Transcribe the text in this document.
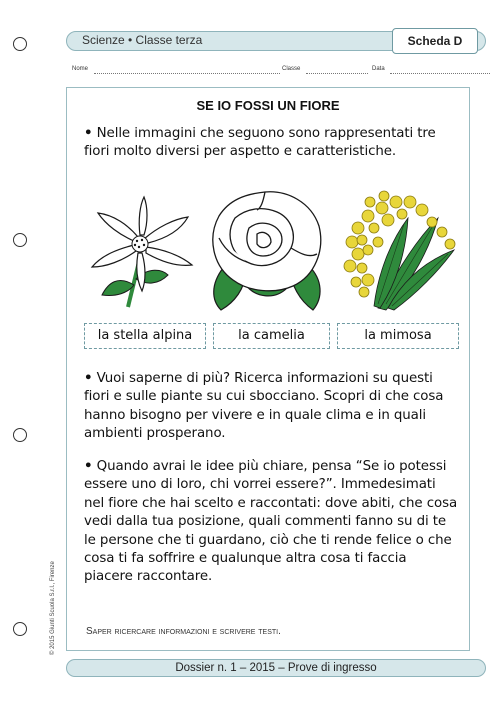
Scienze • Classe terza	Scheda D
Nome	Classe	Data
SE IO FOSSI UN FIORE
• Nelle immagini che seguono sono rappresentati tre fiori molto diversi per aspetto e caratteristiche.
la stella alpina	la camelia	la mimosa
• Vuoi saperne di più? Ricerca informazioni su questi fiori e sulle piante su cui sbocciano. Scopri di che cosa hanno bisogno per vivere e in quale clima e in quali ambienti prosperano.
• Quando avrai le idee più chiare, pensa “Se io potessi essere uno di loro, chi vorrei essere?”. Immedesimati nel fiore che hai scelto e raccontati: dove abiti, che cosa vedi dalla tua posizione, quali commenti fanno su di te le persone che ti guardano, ciò che ti rende felice o che cosa ti fa soffrire e qualunque altra cosa ti faccia piacere raccontare.
Saper ricercare informazioni e scrivere testi.
Dossier n. 1 – 2015 – Prove di ingresso
© 2015 Giunti Scuola S.r.l., Firenze
